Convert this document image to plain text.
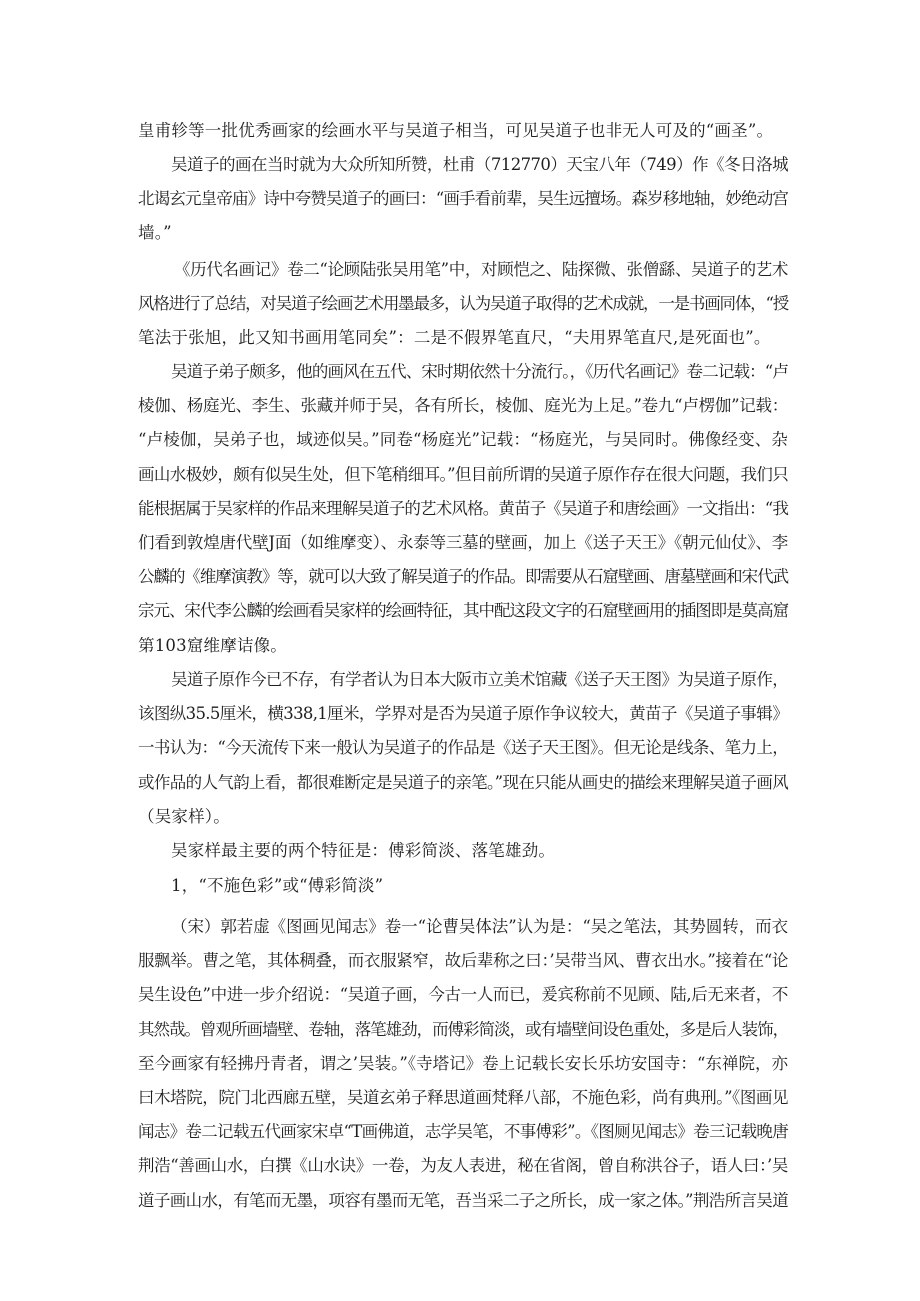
皇甫轸等一批优秀画家的绘画水平与吴道子相当，可见吴道子也非无人可及的“画圣”。
吴道子的画在当时就为大众所知所赞，杜甫（712770）天宝八年（749）作《冬日洛城
北谒玄元皇帝庙》诗中夸赞吴道子的画曰：“画手看前辈，吴生远擅场。森岁移地轴，妙绝动宫
墙。”
《历代名画记》卷二“论顾陆张吴用笔”中，对顾恺之、陆探微、张僧繇、吴道子的艺术
风格进行了总结，对吴道子绘画艺术用墨最多，认为吴道子取得的艺术成就，一是书画同体，“授
笔法于张旭，此又知书画用笔同矣”：二是不假界笔直尺，“夫用界笔直尺,是死面也”。
吴道子弟子颇多，他的画风在五代、宋时期依然十分流行。，《历代名画记》卷二记载：“卢
棱伽、杨庭光、李生、张藏并师于吴，各有所长，棱伽、庭光为上足。”卷九“卢楞伽”记载：
“卢棱伽，吴弟子也，域迹似吴。”同卷“杨庭光”记载：“杨庭光，与吴同时。佛像经变、杂
画山水极妙，颇有似吴生处，但下笔稍细耳。”但目前所谓的吴道子原作存在很大问题，我们只
能根据属于吴家样的作品来理解吴道子的艺术风格。黄苗子《吴道子和唐绘画》一文指出：“我
们看到敦煌唐代壁J面（如维摩变）、永泰等三墓的壁画，加上《送子天王》《朝元仙仗》、李
公麟的《维摩演教》等，就可以大致了解吴道子的作品。即需要从石窟壁画、唐墓壁画和宋代武
宗元、宋代李公麟的绘画看吴家样的绘画特征，其中配这段文字的石窟壁画用的插图即是莫高窟
第103窟维摩诘像。
吴道子原作今已不存，有学者认为日本大阪市立美术馆藏《送子天王图》为吴道子原作，
该图纵35.5厘米，横338,1厘米，学界对是否为吴道子原作争议较大，黄苗子《吴道子事辑》
一书认为：“今天流传下来一般认为吴道子的作品是《送子天王图》。但无论是线条、笔力上，
或作品的人气韵上看，都很难断定是吴道子的亲笔。”现在只能从画史的描绘来理解吴道子画风
（吴家样）。
吴家样最主要的两个特征是：傅彩简淡、落笔雄劲。
1，“不施色彩”或“傅彩简淡”
（宋）郭若虚《图画见闻志》卷一“论曹吴体法”认为是：“吴之笔法，其势圆转，而衣
服飘举。曹之笔，其体稠叠，而衣服紧窄，故后辈称之曰：’吴带当风、曹衣出水。”接着在“论
吴生设色”中进一步介绍说：“吴道子画，今古一人而已，爰宾称前不见顾、陆,后无来者，不
其然哉。曾观所画墙壁、卷轴，落笔雄劲，而傅彩简淡，或有墙壁间设色重处，多是后人装饰，
至今画家有轻拂丹青者，谓之’吴装。”《寺塔记》卷上记载长安长乐坊安国寺：“东禅院，亦
曰木塔院，院门北西廊五壁，吴道玄弟子释思道画梵释八部，不施色彩，尚有典刑。”《图画见
闻志》卷二记载五代画家宋卓“T画佛道，志学吴笔，不事傅彩”。《图厕见闻志》卷三记载晚唐
荆浩“善画山水，白撰《山水诀》一卷，为友人表进，秘在省阁，曾自称洪谷子，语人曰：’吴
道子画山水，有笔而无墨，项容有墨而无笔，吾当采二子之所长，成一家之体。”荆浩所言吴道
